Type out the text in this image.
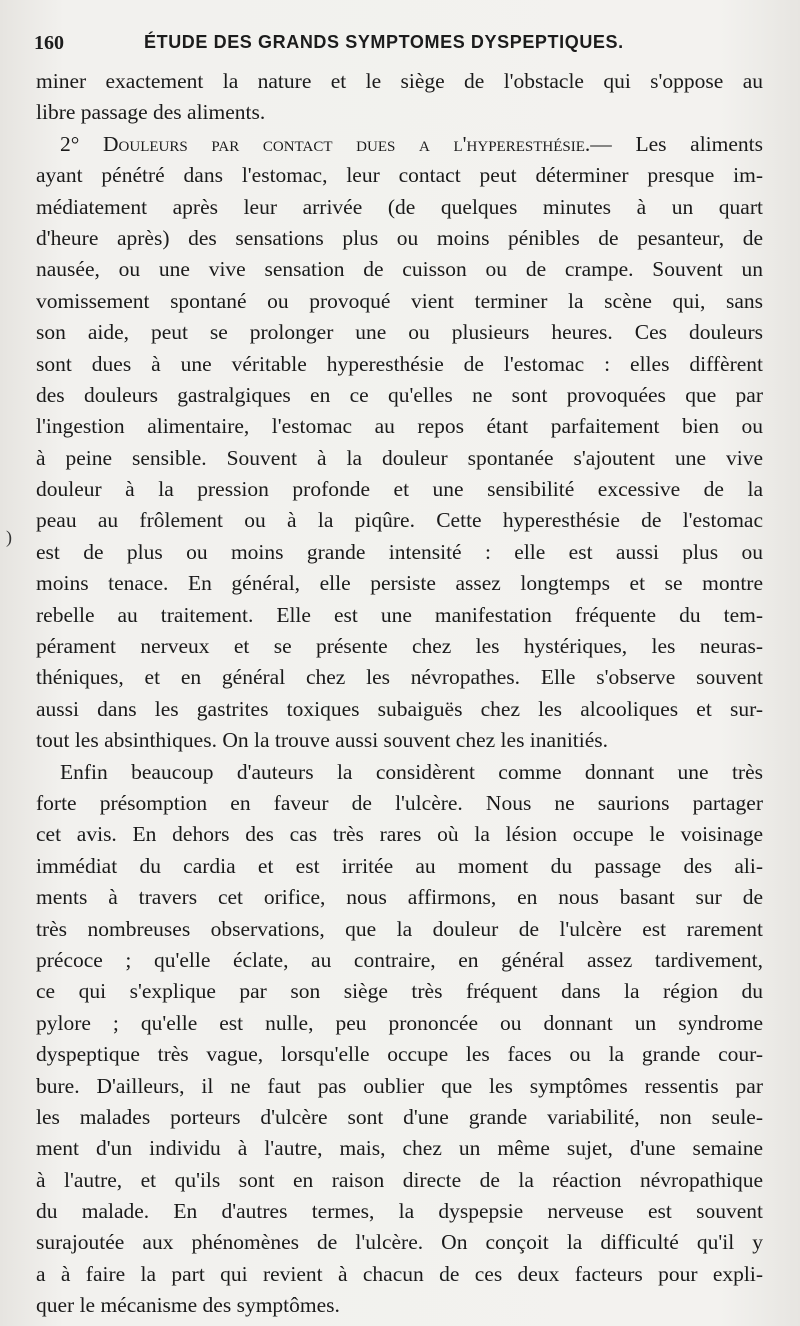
160	ÉTUDE DES GRANDS SYMPTOMES DYSPEPTIQUES.
)
miner exactement la nature et le siège de l'obstacle qui s'oppose au
libre passage des aliments.
2° Douleurs par contact dues a l'hyperesthésie.— Les aliments
ayant pénétré dans l'estomac, leur contact peut déterminer presque im-
médiatement après leur arrivée (de quelques minutes à un quart
d'heure après) des sensations plus ou moins pénibles de pesanteur, de
nausée, ou une vive sensation de cuisson ou de crampe. Souvent un
vomissement spontané ou provoqué vient terminer la scène qui, sans
son aide, peut se prolonger une ou plusieurs heures. Ces douleurs
sont dues à une véritable hyperesthésie de l'estomac : elles diffèrent
des douleurs gastralgiques en ce qu'elles ne sont provoquées que par
l'ingestion alimentaire, l'estomac au repos étant parfaitement bien ou
à peine sensible. Souvent à la douleur spontanée s'ajoutent une vive
douleur à la pression profonde et une sensibilité excessive de la
peau au frôlement ou à la piqûre. Cette hyperesthésie de l'estomac
est de plus ou moins grande intensité : elle est aussi plus ou
moins tenace. En général, elle persiste assez longtemps et se montre
rebelle au traitement. Elle est une manifestation fréquente du tem-
pérament nerveux et se présente chez les hystériques, les neuras-
théniques, et en général chez les névropathes. Elle s'observe souvent
aussi dans les gastrites toxiques subaiguës chez les alcooliques et sur-
tout les absinthiques. On la trouve aussi souvent chez les inanitiés.
Enfin beaucoup d'auteurs la considèrent comme donnant une très
forte présomption en faveur de l'ulcère. Nous ne saurions partager
cet avis. En dehors des cas très rares où la lésion occupe le voisinage
immédiat du cardia et est irritée au moment du passage des ali-
ments à travers cet orifice, nous affirmons, en nous basant sur de
très nombreuses observations, que la douleur de l'ulcère est rarement
précoce ; qu'elle éclate, au contraire, en général assez tardivement,
ce qui s'explique par son siège très fréquent dans la région du
pylore ; qu'elle est nulle, peu prononcée ou donnant un syndrome
dyspeptique très vague, lorsqu'elle occupe les faces ou la grande cour-
bure. D'ailleurs, il ne faut pas oublier que les symptômes ressentis par
les malades porteurs d'ulcère sont d'une grande variabilité, non seule-
ment d'un individu à l'autre, mais, chez un même sujet, d'une semaine
à l'autre, et qu'ils sont en raison directe de la réaction névropathique
du malade. En d'autres termes, la dyspepsie nerveuse est souvent
surajoutée aux phénomènes de l'ulcère. On conçoit la difficulté qu'il y
a à faire la part qui revient à chacun de ces deux facteurs pour expli-
quer le mécanisme des symptômes.
